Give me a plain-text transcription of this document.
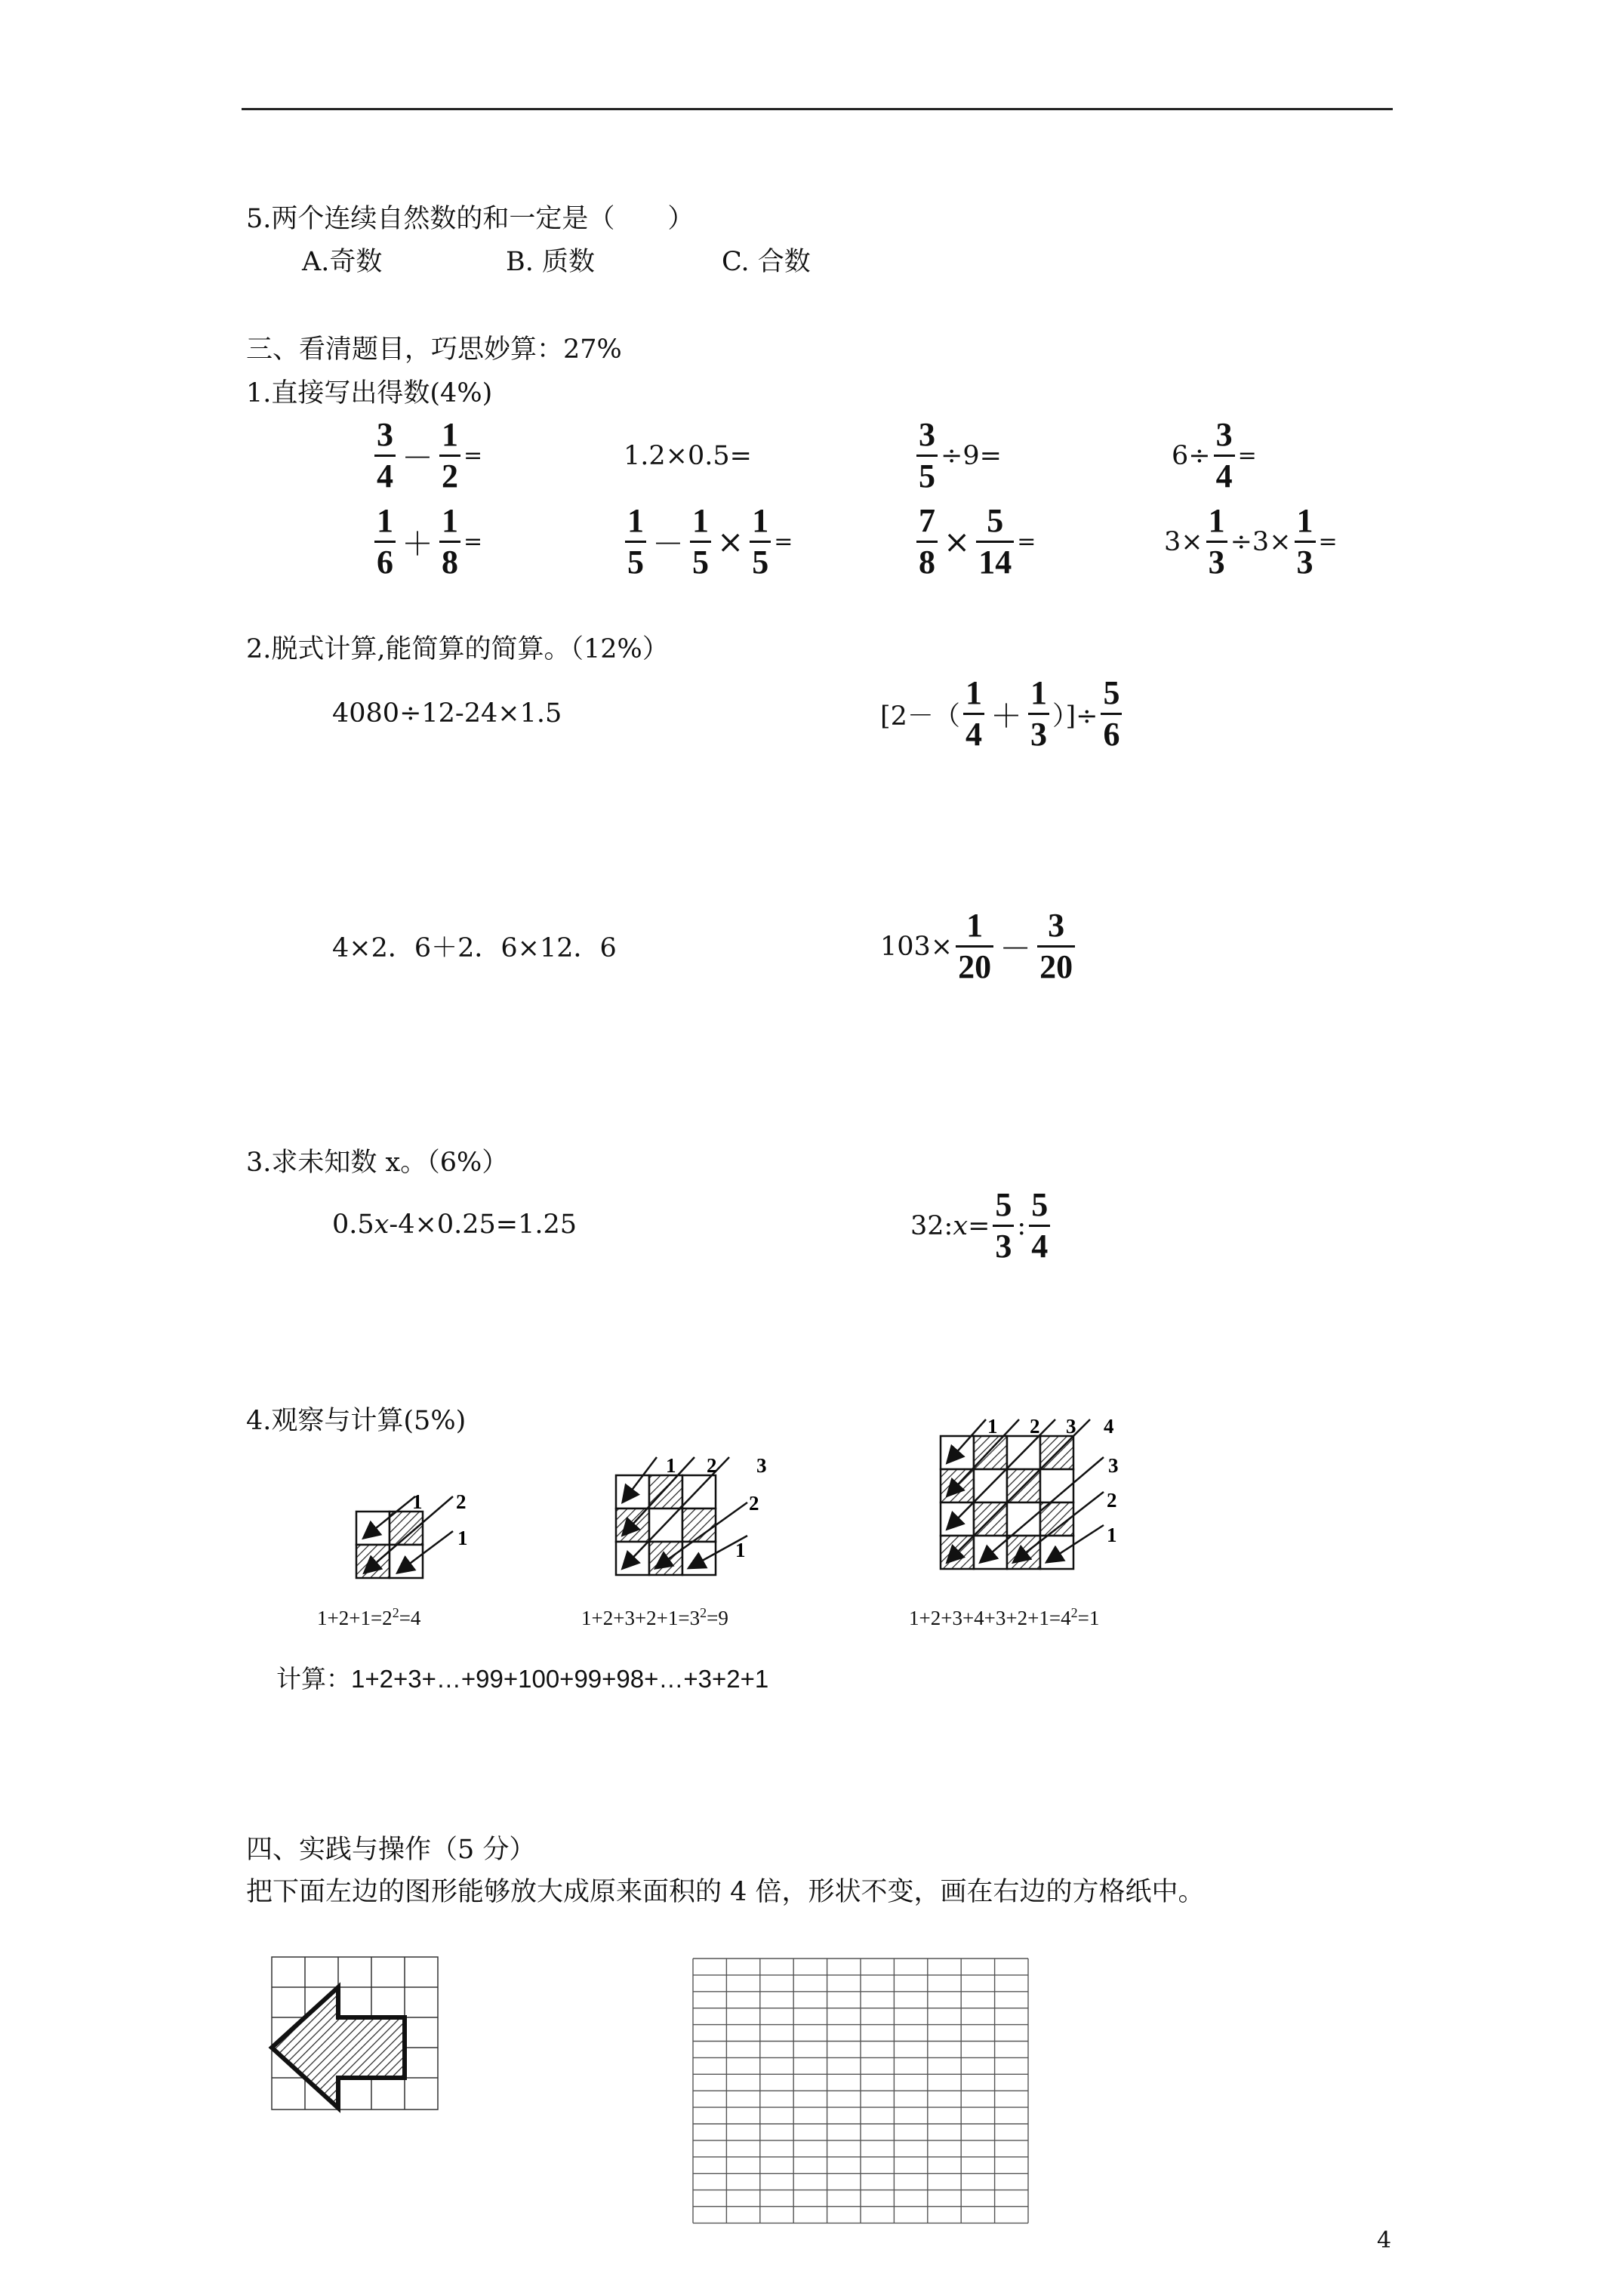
5.两个连续自然数的和一定是（　　）
A.奇数	B. 质数	C. 合数
三、看清题目，巧思妙算：27%
1.直接写出得数(4%)
$\frac{3}{4} - \frac{1}{2}$ =	1.2×0.5=	$\frac{3}{5} \div 9=$	$6\div \frac{3}{4}$ =
$\frac{1}{6} + \frac{1}{8}$ =	$\frac{1}{5} - \frac{1}{5} \times \frac{1}{5}$ =	$\frac{7}{8} \times \frac{5}{14}$ =	$3\times \frac{1}{3} \div 3\times \frac{1}{3}$ =
2.脱式计算,能简算的简算。（12%）
4080÷12-24×1.5	[$2-( \frac{1}{4} + \frac{1}{3}$ ）]÷ $\frac{5}{6}$
4×2．6＋2．6×12．6	$103\times \frac{1}{20} - \frac{3}{20}$
3.求未知数 x。（6%）
0.5 x -4×0.25=1.25	32: $x = \frac{5}{3}$ : $\frac{5}{4}$
4.观察与计算(5%)
1 2
1
1 2 3
2
1
1 2 3 4
3
2
1
$1+2+1=2^2=4$	$1+2+3+2+1=3^2=9$	$1+2+3+4+3+2+1=4^2=1$
计算：1+2+3+…+99+100+99+98+…+3+2+1
四、实践与操作（5 分）
把下面左边的图形能够放大成原来面积的 4 倍，形状不变，画在右边的方格纸中。
4
